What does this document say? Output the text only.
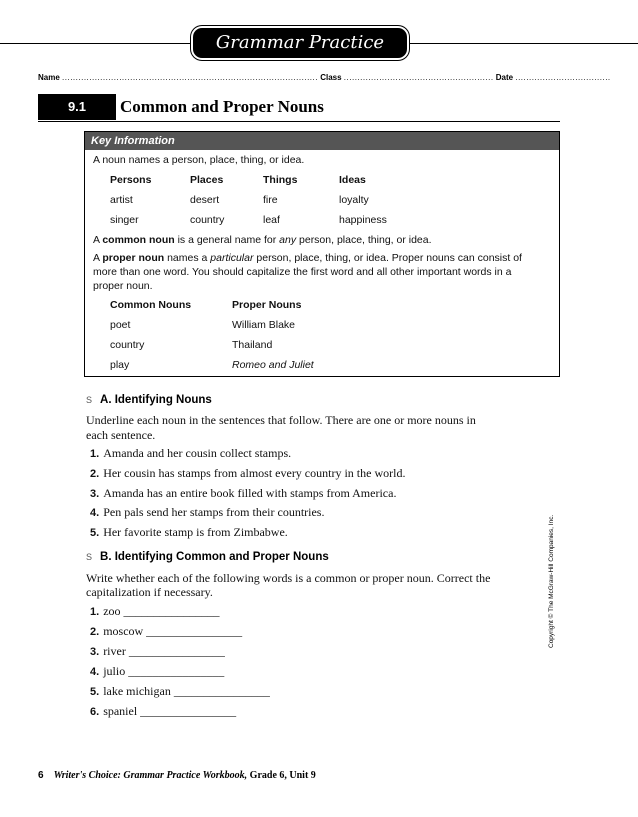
Grammar Practice
Name .............................................................................................. Class ....................................................... Date ...................................
9.1	Common and Proper Nouns
Key Information
A noun names a person, place, thing, or idea.
Persons	Places	Things	Ideas
artist	desert	fire	loyalty
singer	country	leaf	happiness
A common noun is a general name for any person, place, thing, or idea.
A proper noun names a particular person, place, thing, or idea. Proper nouns can consist of
more than one word. You should capitalize the first word and all other important words in a
proper noun.
Common Nouns	Proper Nouns
poet	William Blake
country	Thailand
play	Romeo and Juliet
S A. Identifying Nouns
Underline each noun in the sentences that follow. There are one or more nouns in
each sentence.
1. Amanda and her cousin collect stamps.
2. Her cousin has stamps from almost every country in the world.
3. Amanda has an entire book filled with stamps from America.
4. Pen pals send her stamps from their countries.
5. Her favorite stamp is from Zimbabwe.
S B. Identifying Common and Proper Nouns
Write whether each of the following words is a common or proper noun. Correct the
capitalization if necessary.
1. zoo ________________
2. moscow ________________
3. river ________________
4. julio ________________
5. lake michigan ________________
6. spaniel ________________
Copyright © The McGraw-Hill Companies, Inc.
6 Writer's Choice: Grammar Practice Workbook, Grade 6, Unit 9
